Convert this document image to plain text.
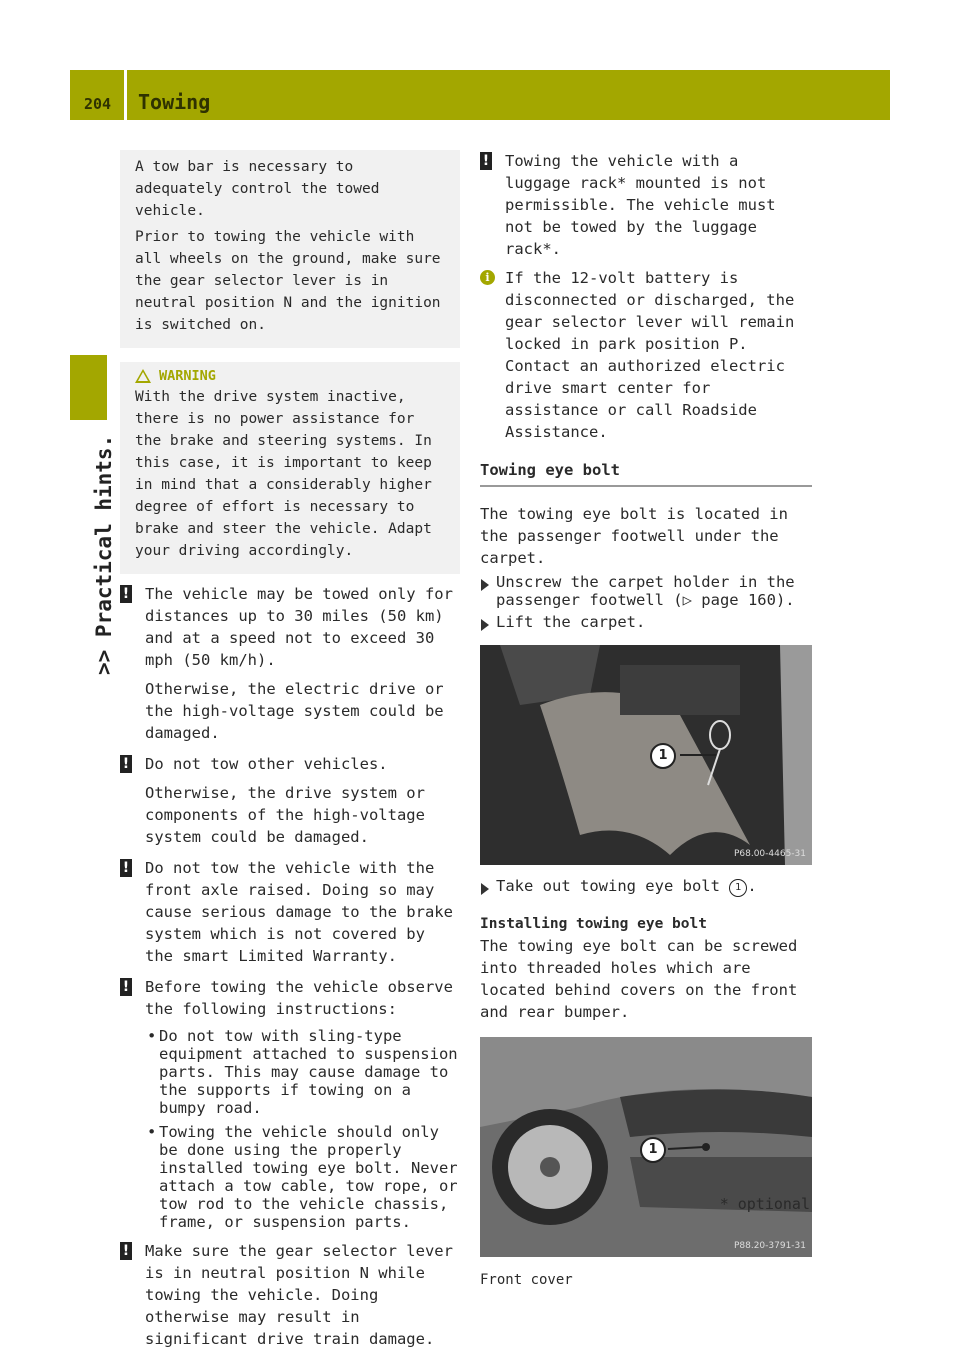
204 Towing
>> Practical hints.

A tow bar is necessary to adequately control the towed vehicle.

Prior to towing the vehicle with all wheels on the ground, make sure the gear selector lever is in neutral position N and the ignition is switched on.

WARNING

With the drive system inactive, there is no power assistance for the brake and steering systems. In this case, it is important to keep in mind that a considerably higher degree of effort is necessary to brake and steer the vehicle. Adapt your driving accordingly.

! The vehicle may be towed only for distances up to 30 miles (50 km) and at a speed not to exceed 30 mph (50 km/h).

Otherwise, the electric drive or the high-voltage system could be damaged.

! Do not tow other vehicles.

Otherwise, the drive system or components of the high-voltage system could be damaged.

! Do not tow the vehicle with the front axle raised. Doing so may cause serious damage to the brake system which is not covered by the smart Limited Warranty.

! Before towing the vehicle observe the following instructions:

• Do not tow with sling-type equipment attached to suspension parts. This may cause damage to the supports if towing on a bumpy road.
• Towing the vehicle should only be done using the properly installed towing eye bolt. Never attach a tow cable, tow rope, or tow rod to the vehicle chassis, frame, or suspension parts.
! Make sure the gear selector lever is in neutral position N while towing the vehicle. Doing otherwise may result in significant drive train damage.

! Towing the vehicle with a luggage rack* mounted is not permissible. The vehicle must not be towed by the luggage rack*.

i If the 12-volt battery is disconnected or discharged, the gear selector lever will remain locked in park position P. Contact an authorized electric drive smart center for assistance or call Roadside Assistance.

Towing eye bolt

The towing eye bolt is located in the passenger footwell under the carpet.

Unscrew the carpet holder in the passenger footwell (▷ page 160).
Lift the carpet.
1
P68.00-4465-31
Take out towing eye bolt 1 .

Installing towing eye bolt

The towing eye bolt can be screwed into threaded holes which are located behind covers on the front and rear bumper.

1
P88.20-3791-31

Front cover

* optional
